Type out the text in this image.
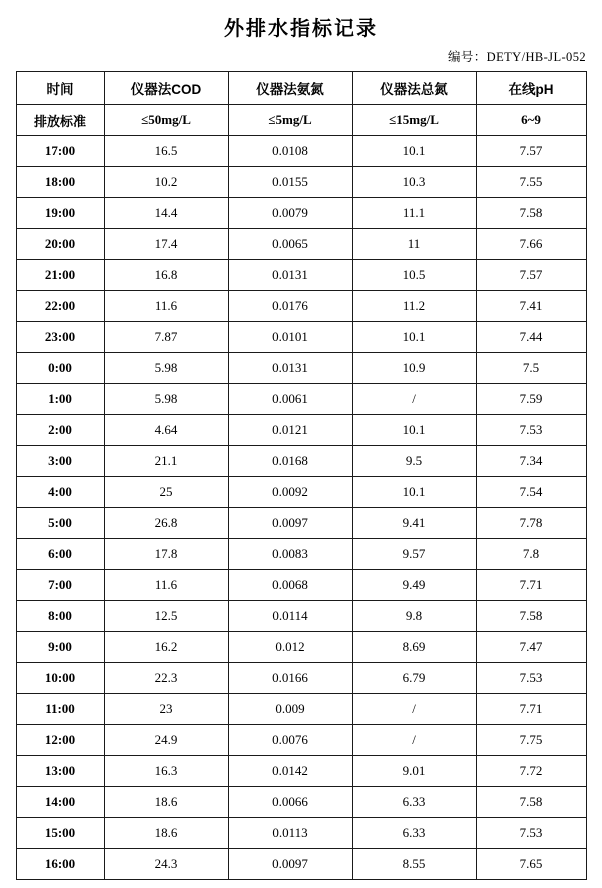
外排水指标记录
编号：DETY/HB-JL-052
时间	仪器法COD	仪器法氨氮	仪器法总氮	在线pH
排放标准	≤50mg/L	≤5mg/L	≤15mg/L	6~9
17:00	16.5	0.0108	10.1	7.57
18:00	10.2	0.0155	10.3	7.55
19:00	14.4	0.0079	11.1	7.58
20:00	17.4	0.0065	11	7.66
21:00	16.8	0.0131	10.5	7.57
22:00	11.6	0.0176	11.2	7.41
23:00	7.87	0.0101	10.1	7.44
0:00	5.98	0.0131	10.9	7.5
1:00	5.98	0.0061	/	7.59
2:00	4.64	0.0121	10.1	7.53
3:00	21.1	0.0168	9.5	7.34
4:00	25	0.0092	10.1	7.54
5:00	26.8	0.0097	9.41	7.78
6:00	17.8	0.0083	9.57	7.8
7:00	11.6	0.0068	9.49	7.71
8:00	12.5	0.0114	9.8	7.58
9:00	16.2	0.012	8.69	7.47
10:00	22.3	0.0166	6.79	7.53
11:00	23	0.009	/	7.71
12:00	24.9	0.0076	/	7.75
13:00	16.3	0.0142	9.01	7.72
14:00	18.6	0.0066	6.33	7.58
15:00	18.6	0.0113	6.33	7.53
16:00	24.3	0.0097	8.55	7.65
